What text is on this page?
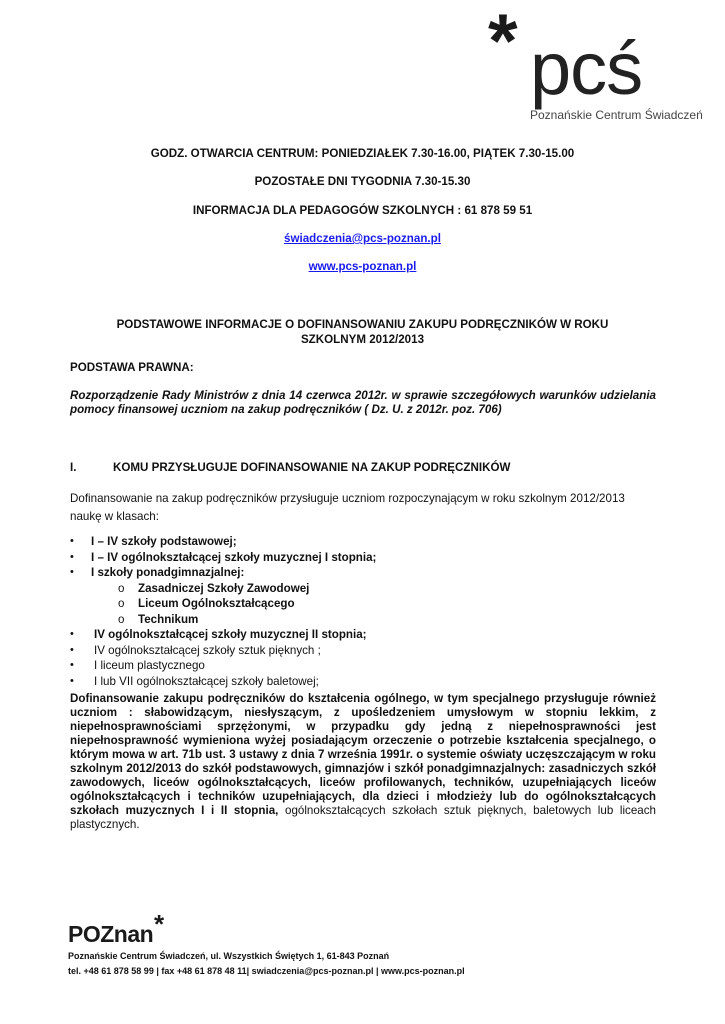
* pcś
Poznańskie Centrum Świadczeń
GODZ. OTWARCIA CENTRUM: PONIEDZIAŁEK 7.30-16.00, PIĄTEK 7.30-15.00
POZOSTAŁE DNI TYGODNIA 7.30-15.30
INFORMACJA DLA PEDAGOGÓW SZKOLNYCH : 61 878 59 51
świadczenia@pcs-poznan.pl
www.pcs-poznan.pl
PODSTAWOWE INFORMACJE O DOFINANSOWANIU ZAKUPU PODRĘCZNIKÓW W ROKU
SZKOLNYM 2012/2013
PODSTAWA PRAWNA:
Rozporządzenie Rady Ministrów z dnia 14 czerwca 2012r. w sprawie szczegółowych warunków udzielania pomocy finansowej uczniom na zakup podręczników ( Dz. U. z 2012r. poz. 706)
I.	KOMU PRZYSŁUGUJE DOFINANSOWANIE NA ZAKUP PODRĘCZNIKÓW
Dofinansowanie na zakup podręczników przysługuje uczniom rozpoczynającym w roku szkolnym 2012/2013 naukę w klasach:
• I – IV szkoły podstawowej;
• I – IV ogólnokształcącej szkoły muzycznej I stopnia;
• I szkoły ponadgimnazjalnej:
o Zasadniczej Szkoły Zawodowej
o Liceum Ogólnokształcącego
o Technikum
• IV ogólnokształcącej szkoły muzycznej II stopnia;
• IV ogólnokształcącej szkoły sztuk pięknych ;
• I liceum plastycznego
• I lub VII ogólnokształcącej szkoły baletowej;
Dofinansowanie zakupu podręczników do kształcenia ogólnego, w tym specjalnego przysługuje również uczniom : słabowidzącym, niesłyszącym, z upośledzeniem umysłowym w stopniu lekkim, z niepełnosprawnościami sprzężonymi, w przypadku gdy jedną z niepełnosprawności jest niepełnosprawność wymieniona wyżej posiadającym orzeczenie o potrzebie kształcenia specjalnego, o którym mowa w art. 71b ust. 3 ustawy z dnia 7 września 1991r. o systemie oświaty uczęszczającym w roku szkolnym 2012/2013 do szkół podstawowych, gimnazjów i szkół ponadgimnazjalnych: zasadniczych szkół zawodowych, liceów ogólnokształcących, liceów profilowanych, techników, uzupełniających liceów ogólnokształcących i techników uzupełniających, dla dzieci i młodzieży lub do ogólnokształcących szkołach muzycznych I i II stopnia, ogólnokształcących szkołach sztuk pięknych, baletowych lub liceach plastycznych.
POZnan *
Poznańskie Centrum Świadczeń, ul. Wszystkich Świętych 1, 61-843 Poznań
tel. +48 61 878 58 99 | fax +48 61 878 48 11| swiadczenia@pcs-poznan.pl | www.pcs-poznan.pl
